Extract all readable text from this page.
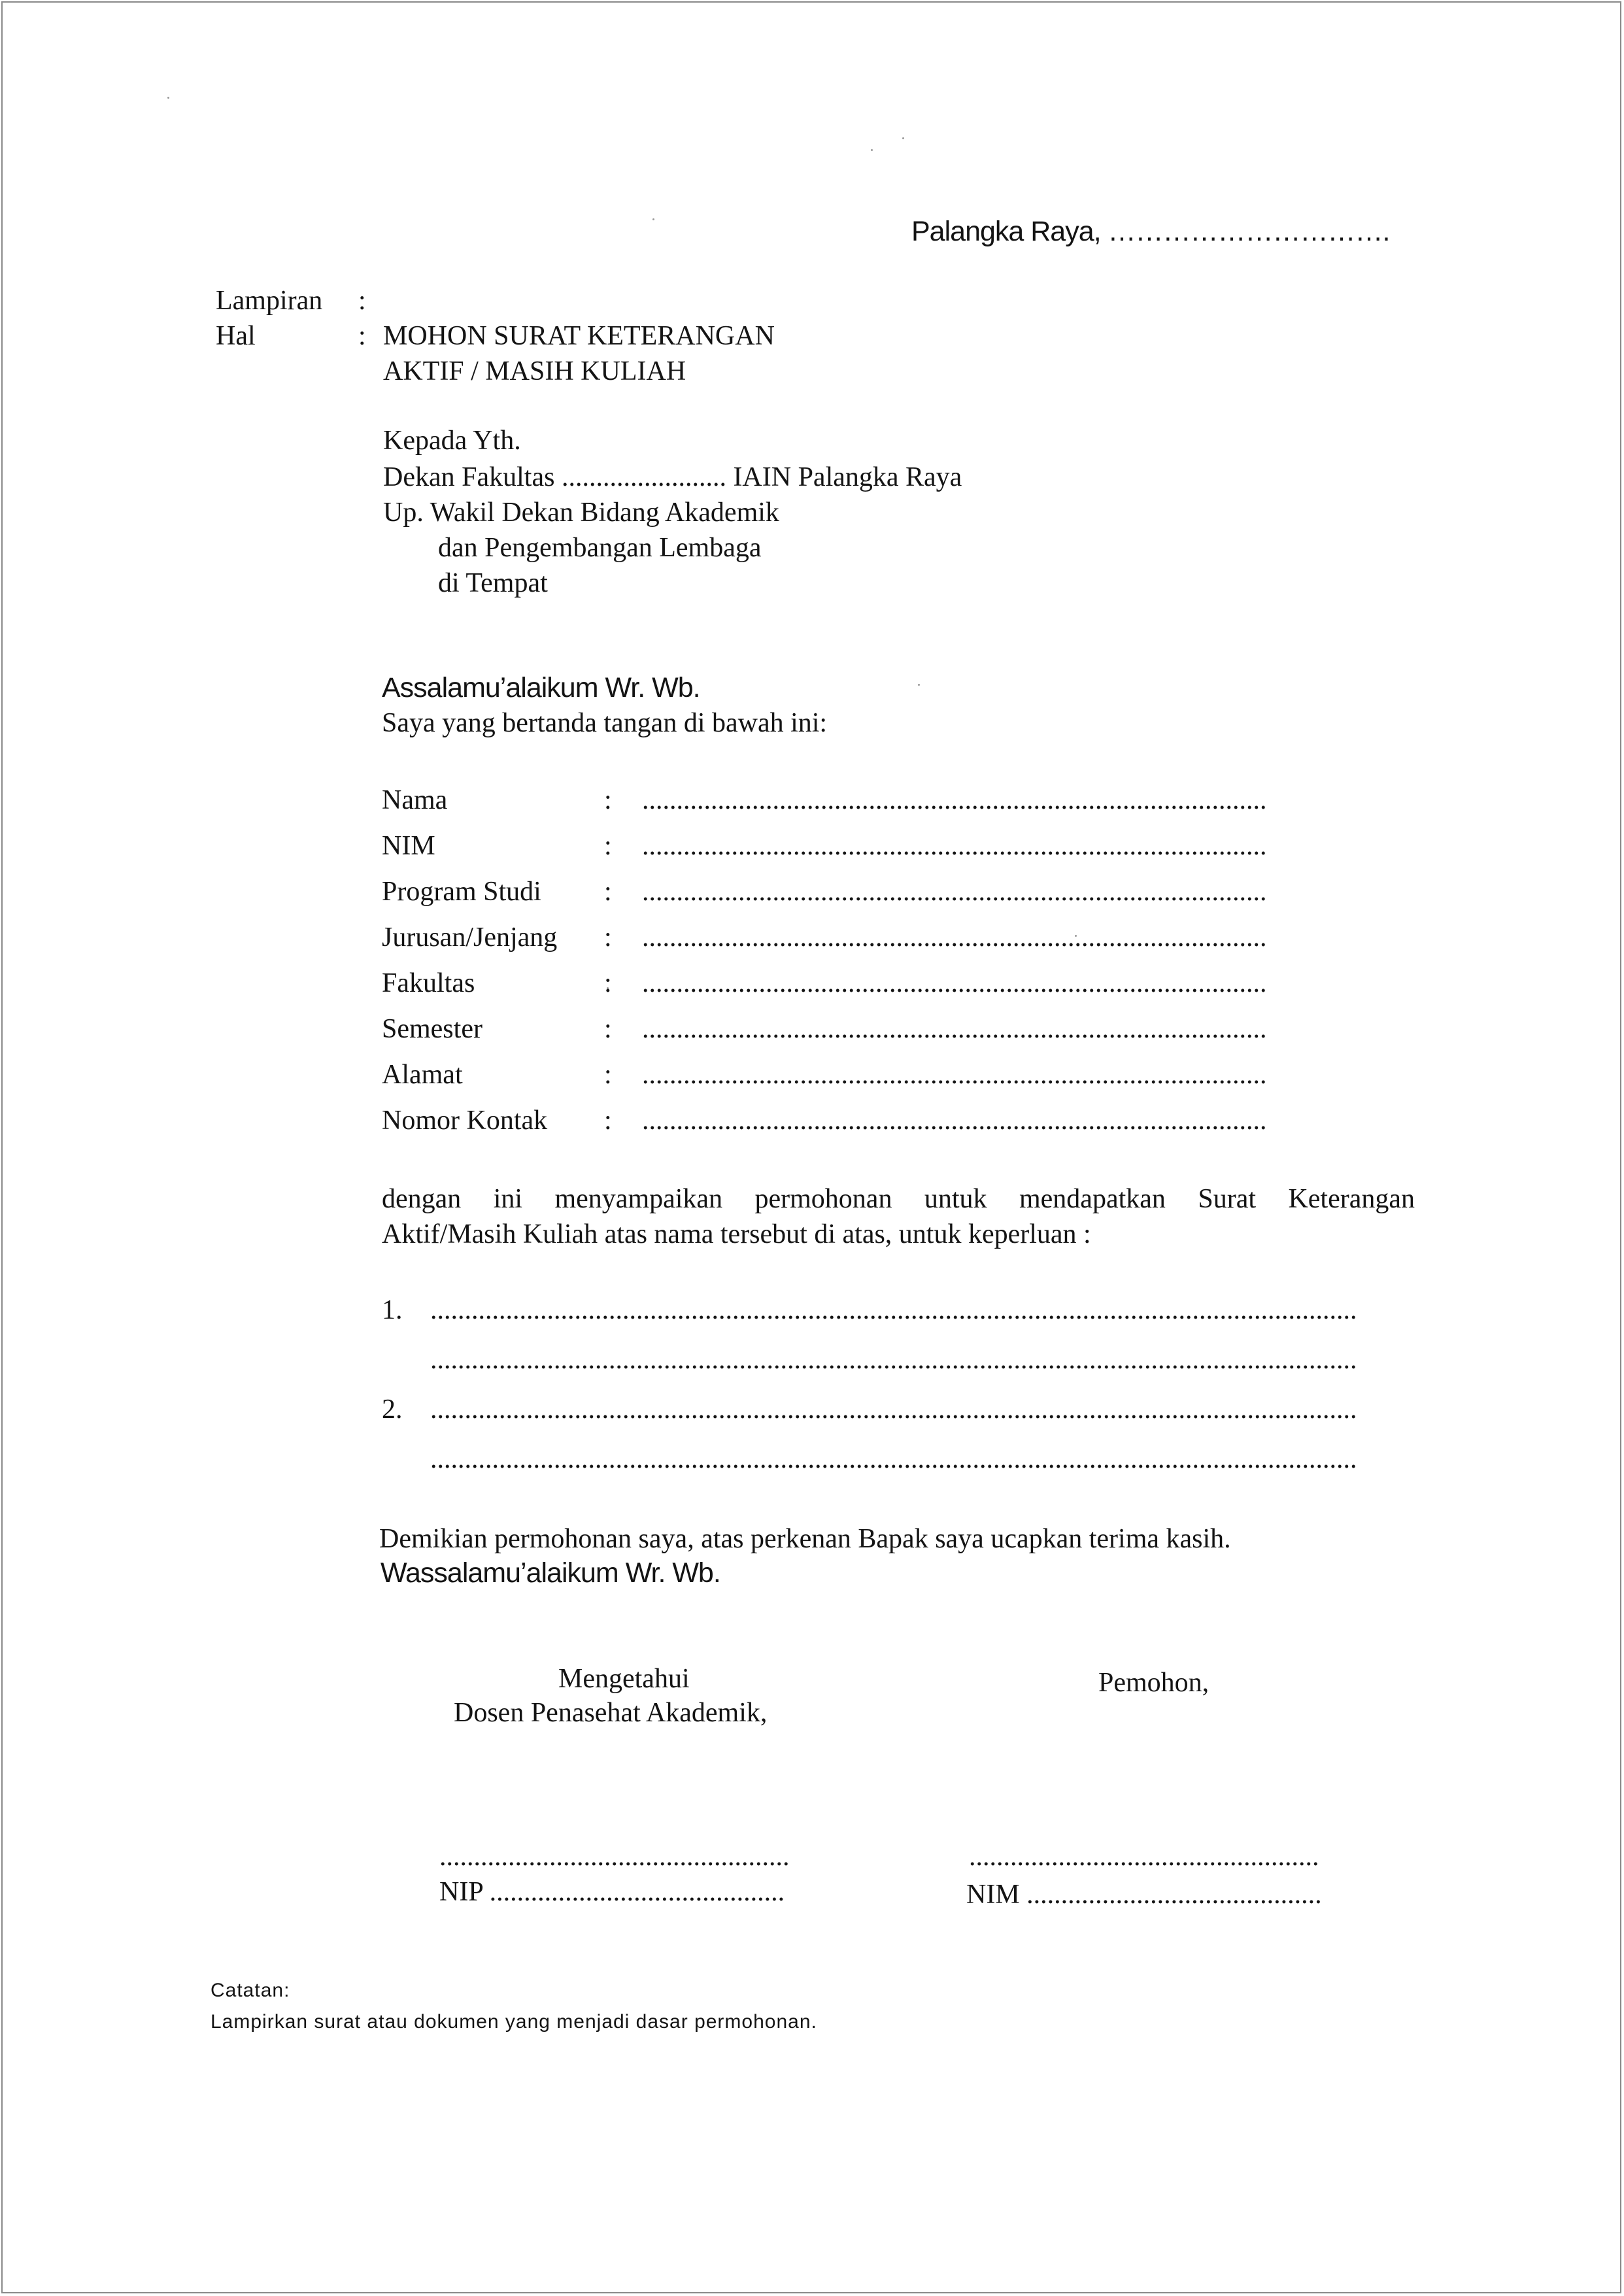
Palangka Raya, ………………………….
Lampiran :
Hal	: MOHON SURAT KETERANGAN
AKTIF / MASIH KULIAH
Kepada Yth.
Dekan Fakultas ........................ IAIN Palangka Raya
Up. Wakil Dekan Bidang Akademik
dan Pengembangan Lembaga
di Tempat
Assalamu’alaikum Wr. Wb.
Saya yang bertanda tangan di bawah ini:
Nama	: ...........................................................................................
NIM	: ...........................................................................................
Program Studi : ...........................................................................................
Jurusan/Jenjang : ...........................................................................................
Fakultas	: ...........................................................................................
Semester	: ...........................................................................................
Alamat	: ...........................................................................................
Nomor Kontak : ...........................................................................................
dengan ini menyampaikan permohonan untuk mendapatkan Surat Keterangan
Aktif/Masih Kuliah atas nama tersebut di atas, untuk keperluan :
1. .......................................................................................................................................
.......................................................................................................................................
2. .......................................................................................................................................
.......................................................................................................................................
Demikian permohonan saya, atas perkenan Bapak saya ucapkan terima kasih.
Wassalamu’alaikum Wr. Wb.
Mengetahui
Dosen Penasehat Akademik,
Pemohon,
...................................................
NIP ...........................................
...................................................
NIM ...........................................
Catatan:
Lampirkan surat atau dokumen yang menjadi dasar permohonan.
